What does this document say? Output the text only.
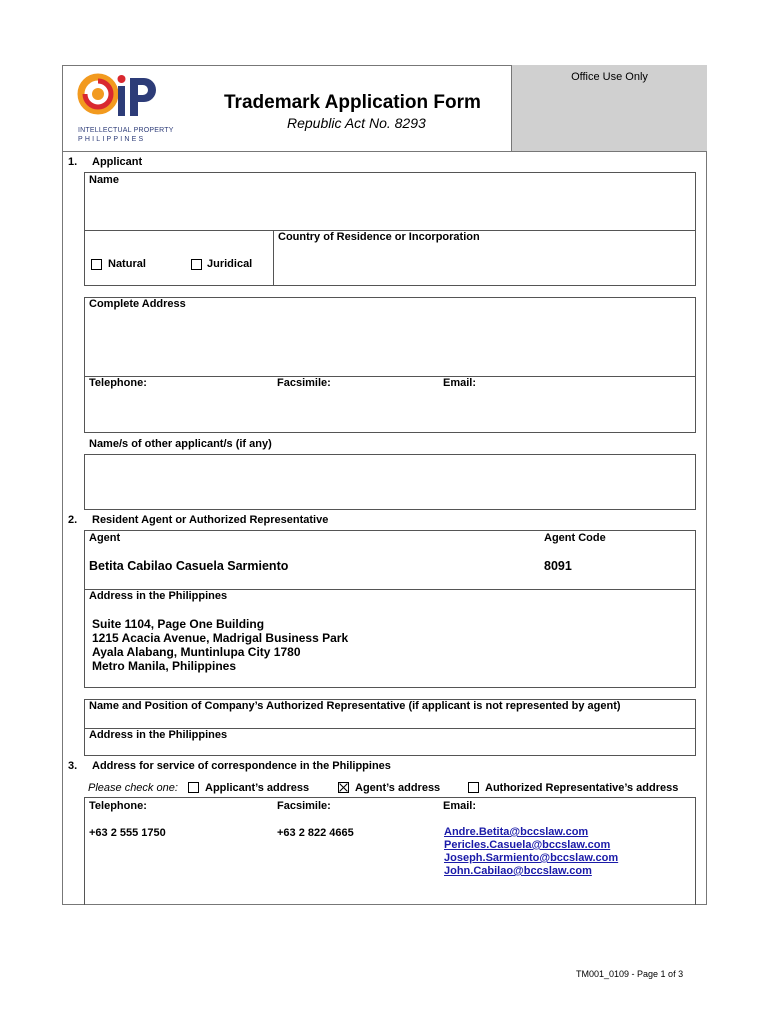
INTELLECTUAL PROPERTY
PHILIPPINES
Trademark Application Form
Republic Act No. 8293
Office Use Only
1. Applicant
Name
Natural	Juridical
Country of Residence or Incorporation
Complete Address
Telephone:	Facsimile:	Email:
Name/s of other applicant/s (if any)
2. Resident Agent or Authorized Representative
Agent	Agent Code
Betita Cabilao Casuela Sarmiento	8091
Address in the Philippines
Suite 1104, Page One Building
1215 Acacia Avenue, Madrigal Business Park
Ayala Alabang, Muntinlupa City 1780
Metro Manila, Philippines
Name and Position of Company’s Authorized Representative (if applicant is not represented by agent)
Address in the Philippines
3. Address for service of correspondence in the Philippines
Please check one: Applicant’s address	Agent’s address	Authorized Representative’s address
Telephone:	Facsimile:	Email:
+63 2 555 1750	+63 2 822 4665	Andre.Betita@bccslaw.com
Pericles.Casuela@bccslaw.com
Joseph.Sarmiento@bccslaw.com
John.Cabilao@bccslaw.com
TM001_0109 - Page 1 of 3
